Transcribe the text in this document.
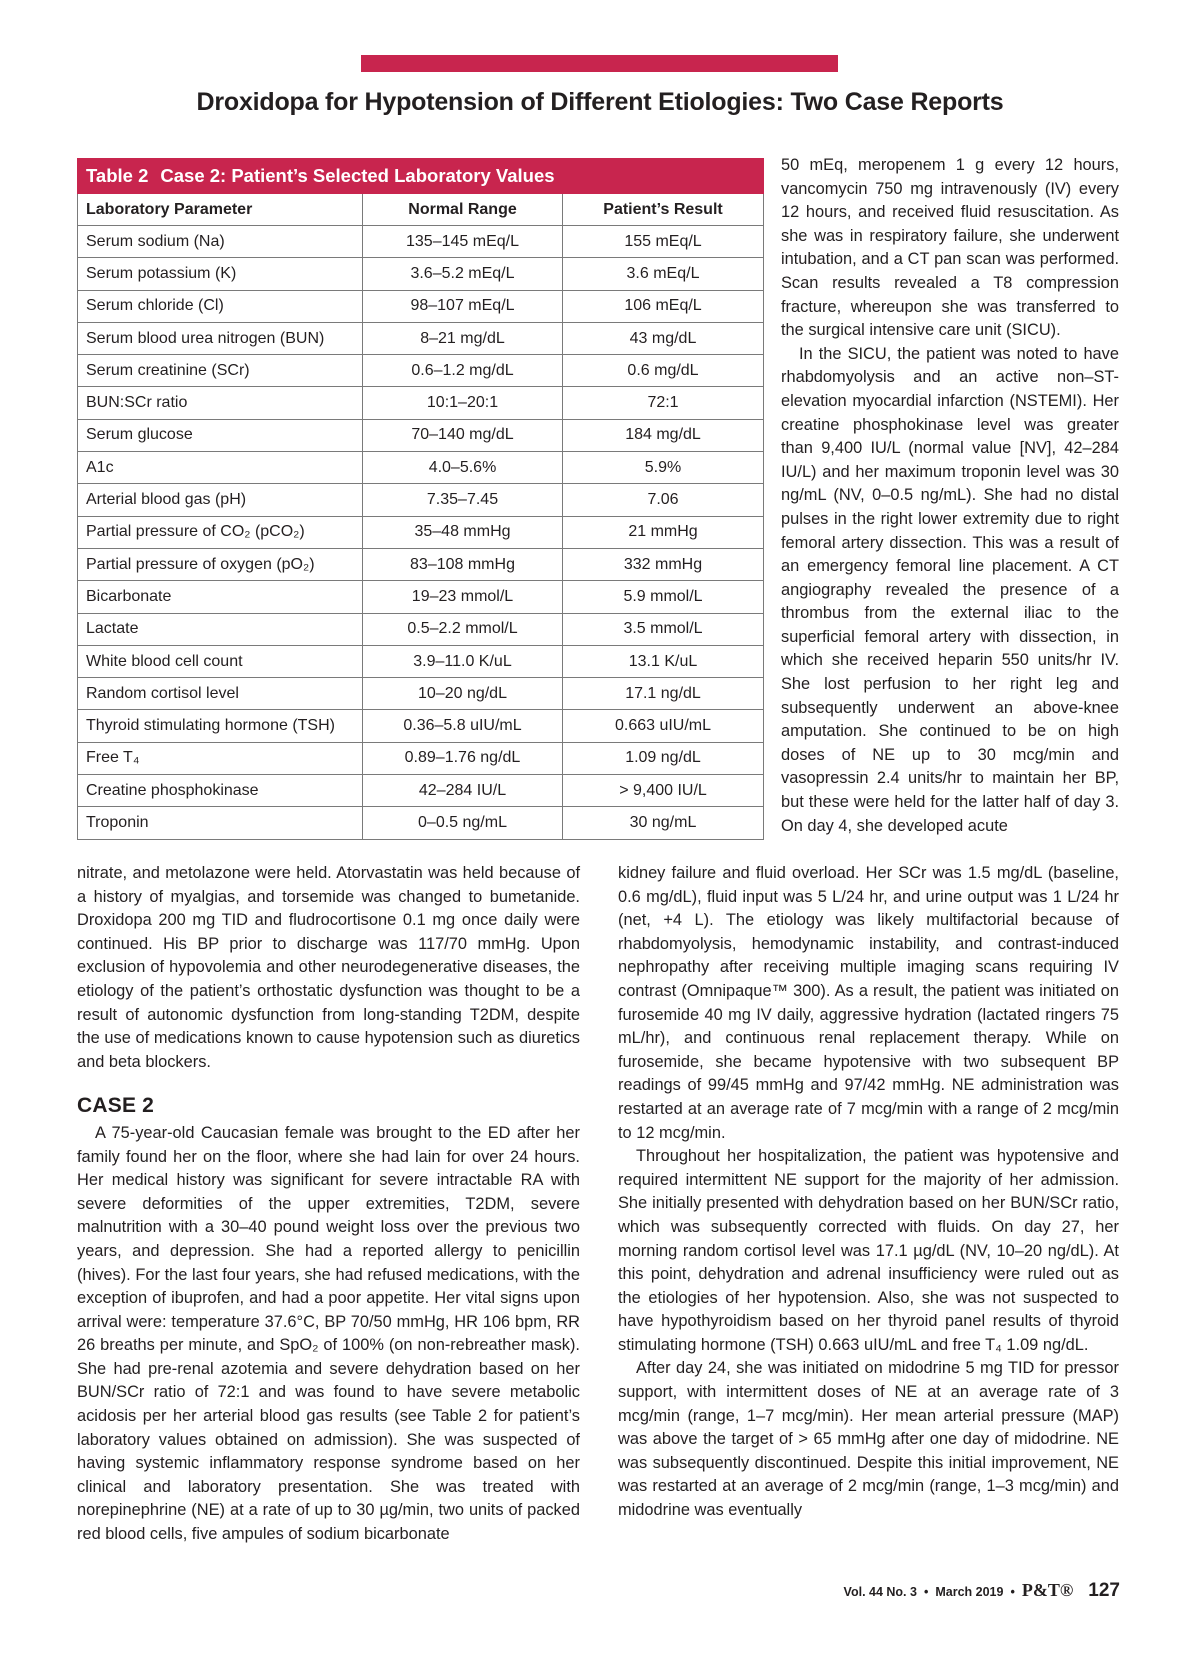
Droxidopa for Hypotension of Different Etiologies: Two Case Reports
Table 2 Case 2: Patient’s Selected Laboratory Values		
Laboratory Parameter	Normal Range	Patient’s Result
Serum sodium (Na)	135–145 mEq/L	155 mEq/L
Serum potassium (K)	3.6–5.2 mEq/L	3.6 mEq/L
Serum chloride (Cl)	98–107 mEq/L	106 mEq/L
Serum blood urea nitrogen (BUN)	8–21 mg/dL	43 mg/dL
Serum creatinine (SCr)	0.6–1.2 mg/dL	0.6 mg/dL
BUN:SCr ratio	10:1–20:1	72:1
Serum glucose	70–140 mg/dL	184 mg/dL
A1c	4.0–5.6%	5.9%
Arterial blood gas (pH)	7.35–7.45	7.06
Partial pressure of CO₂ (pCO₂)	35–48 mmHg	21 mmHg
Partial pressure of oxygen (pO₂)	83–108 mmHg	332 mmHg
Bicarbonate	19–23 mmol/L	5.9 mmol/L
Lactate	0.5–2.2 mmol/L	3.5 mmol/L
White blood cell count	3.9–11.0 K/uL	13.1 K/uL
Random cortisol level	10–20 ng/dL	17.1 ng/dL
Thyroid stimulating hormone (TSH)	0.36–5.8 uIU/mL	0.663 uIU/mL
Free T₄	0.89–1.76 ng/dL	1.09 ng/dL
Creatine phosphokinase	42–284 IU/L	> 9,400 IU/L
Troponin	0–0.5 ng/mL	30 ng/mL

50 mEq, meropenem 1 g every 12 hours, vancomycin 750 mg intravenously (IV) every 12 hours, and received fluid resuscitation. As she was in respiratory failure, she underwent intubation, and a CT pan scan was performed. Scan results revealed a T8 compression fracture, whereupon she was transferred to the surgical intensive care unit (SICU).

In the SICU, the patient was noted to have rhabdomyolysis and an active non–ST-elevation myocardial infarction (NSTEMI). Her creatine phosphokinase level was greater than 9,400 IU/L (normal value [NV], 42–284 IU/L) and her maximum troponin level was 30 ng/mL (NV, 0–0.5 ng/mL). She had no distal pulses in the right lower extremity due to right femoral artery dissection. This was a result of an emergency femoral line placement. A CT angiography revealed the presence of a thrombus from the external iliac to the superficial femoral artery with dissection, in which she received heparin 550 units/hr IV. She lost perfusion to her right leg and subsequently underwent an above-knee amputation. She continued to be on high doses of NE up to 30 mcg/min and vasopressin 2.4 units/hr to maintain her BP, but these were held for the latter half of day 3. On day 4, she developed acute

nitrate, and metolazone were held. Atorvastatin was held because of a history of myalgias, and torsemide was changed to bumetanide. Droxidopa 200 mg TID and fludrocortisone 0.1 mg once daily were continued. His BP prior to discharge was 117/70 mmHg. Upon exclusion of hypovolemia and other neurodegenerative diseases, the etiology of the patient’s orthostatic dysfunction was thought to be a result of autonomic dysfunction from long-standing T2DM, despite the use of medications known to cause hypotension such as diuretics and beta blockers.

CASE 2

A 75-year-old Caucasian female was brought to the ED after her family found her on the floor, where she had lain for over 24 hours. Her medical history was significant for severe intractable RA with severe deformities of the upper extremities, T2DM, severe malnutrition with a 30–40 pound weight loss over the previous two years, and depression. She had a reported allergy to penicillin (hives). For the last four years, she had refused medications, with the exception of ibuprofen, and had a poor appetite. Her vital signs upon arrival were: temperature 37.6°C, BP 70/50 mmHg, HR 106 bpm, RR 26 breaths per minute, and SpO₂ of 100% (on non-rebreather mask). She had pre-renal azotemia and severe dehydration based on her BUN/SCr ratio of 72:1 and was found to have severe metabolic acidosis per her arterial blood gas results (see Table 2 for patient’s laboratory values obtained on admission). She was suspected of having systemic inflammatory response syndrome based on her clinical and laboratory presentation. She was treated with norepinephrine (NE) at a rate of up to 30 µg/min, two units of packed red blood cells, five ampules of sodium bicarbonate

kidney failure and fluid overload. Her SCr was 1.5 mg/dL (baseline, 0.6 mg/dL), fluid input was 5 L/24 hr, and urine output was 1 L/24 hr (net, +4 L). The etiology was likely multifactorial because of rhabdomyolysis, hemodynamic instability, and contrast-induced nephropathy after receiving multiple imaging scans requiring IV contrast (Omnipaque™ 300). As a result, the patient was initiated on furosemide 40 mg IV daily, aggressive hydration (lactated ringers 75 mL/hr), and continuous renal replacement therapy. While on furosemide, she became hypotensive with two subsequent BP readings of 99/45 mmHg and 97/42 mmHg. NE administration was restarted at an average rate of 7 mcg/min with a range of 2 mcg/min to 12 mcg/min.

Throughout her hospitalization, the patient was hypotensive and required intermittent NE support for the majority of her admission. She initially presented with dehydration based on her BUN/SCr ratio, which was subsequently corrected with fluids. On day 27, her morning random cortisol level was 17.1 µg/dL (NV, 10–20 ng/dL). At this point, dehydration and adrenal insufficiency were ruled out as the etiologies of her hypotension. Also, she was not suspected to have hypothyroidism based on her thyroid panel results of thyroid stimulating hormone (TSH) 0.663 uIU/mL and free T₄ 1.09 ng/dL.

After day 24, she was initiated on midodrine 5 mg TID for pressor support, with intermittent doses of NE at an average rate of 3 mcg/min (range, 1–7 mcg/min). Her mean arterial pressure (MAP) was above the target of > 65 mmHg after one day of midodrine. NE was subsequently discontinued. Despite this initial improvement, NE was restarted at an average of 2 mcg/min (range, 1–3 mcg/min) and midodrine was eventually

Vol. 44 No. 3 • March 2019 • P&T® 127
